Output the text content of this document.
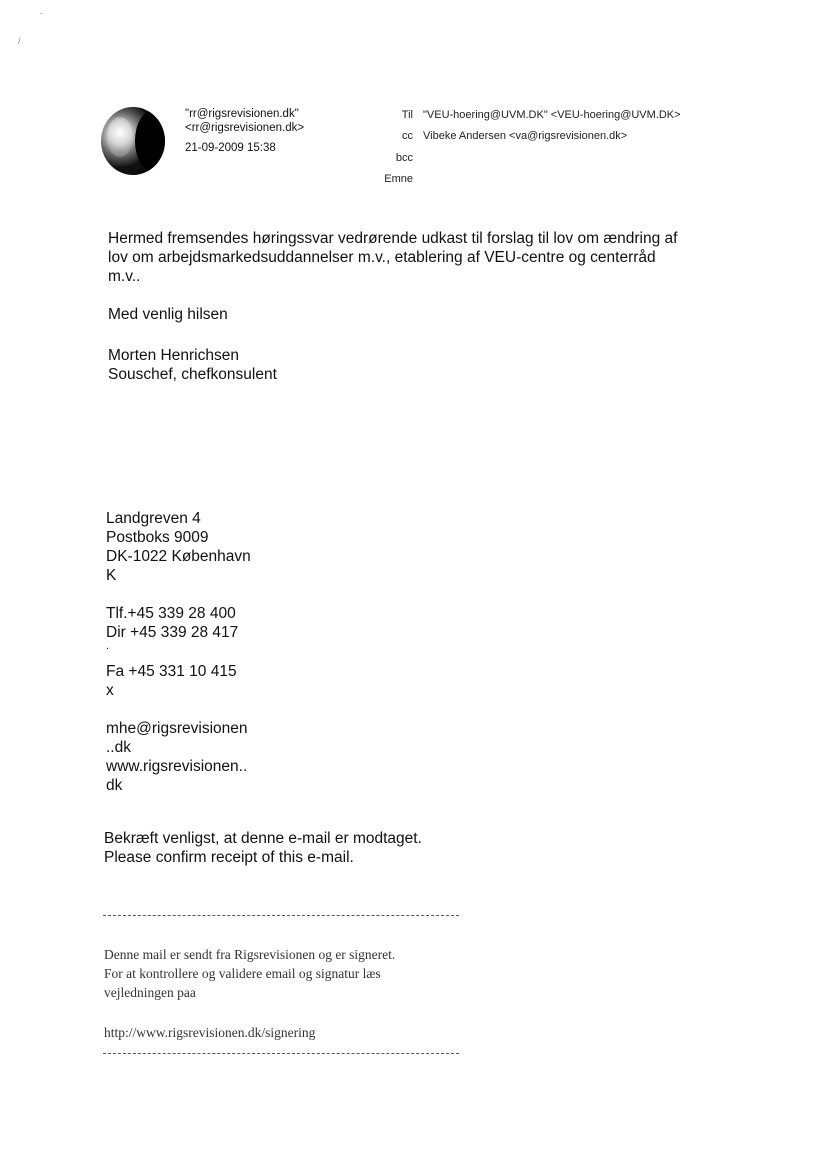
-
/
"rr@rigsrevisionen.dk"
<rr@rigsrevisionen.dk>
21-09-2009 15:38
Til "VEU-hoering@UVM.DK" <VEU-hoering@UVM.DK>
cc Vibeke Andersen <va@rigsrevisionen.dk>
bcc
Emne
Hermed fremsendes høringssvar vedrørende udkast til forslag til lov om ændring af
lov om arbejdsmarkedsuddannelser m.v., etablering af VEU-centre og centerråd
m.v..
Med venlig hilsen
Morten Henrichsen
Souschef, chefkonsulent
Landgreven 4
Postboks 9009
DK-1022 København
K
Tlf.+45 339 28 400
Dir +45 339 28 417
.
Fa +45 331 10 415
x
mhe@rigsrevisionen
..dk
www.rigsrevisionen..
dk
Bekræft venligst, at denne e-mail er modtaget.
Please confirm receipt of this e-mail.
Denne mail er sendt fra Rigsrevisionen og er signeret.
For at kontrollere og validere email og signatur læs
vejledningen paa
http://www.rigsrevisionen.dk/signering
